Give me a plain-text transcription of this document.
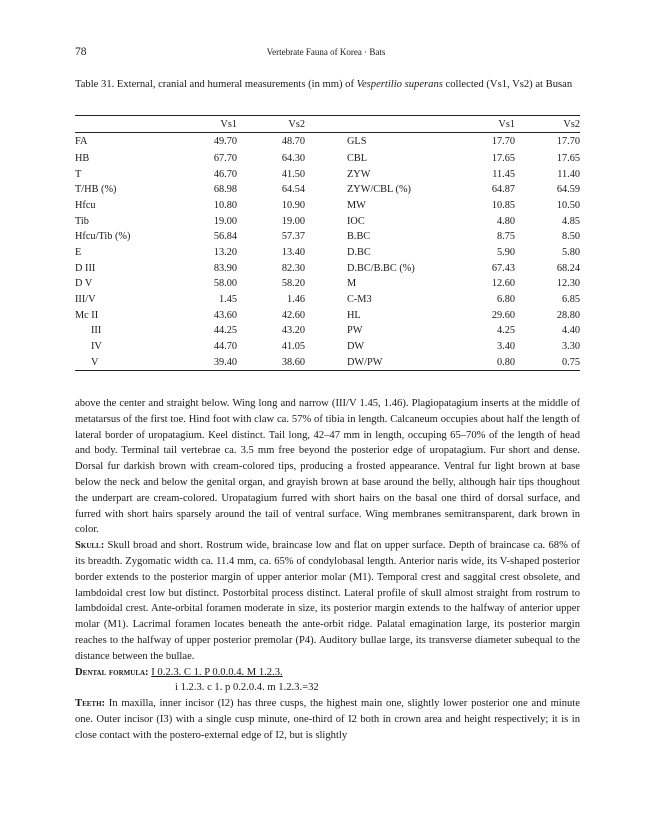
78	Vertebrate Fauna of Korea · Bats
Table 31. External, cranial and humeral measurements (in mm) of Vespertilio superans collected (Vs1, Vs2) at Busan
	Vs1	Vs2			Vs1	Vs2
FA	49.70	48.70		GLS	17.70	17.70
HB	67.70	64.30		CBL	17.65	17.65
T	46.70	41.50		ZYW	11.45	11.40
T/HB (%)	68.98	64.54		ZYW/CBL (%)	64.87	64.59
Hfcu	10.80	10.90		MW	10.85	10.50
Tib	19.00	19.00		IOC	4.80	4.85
Hfcu/Tib (%)	56.84	57.37		B.BC	8.75	8.50
E	13.20	13.40		D.BC	5.90	5.80
D III	83.90	82.30		D.BC/B.BC (%)	67.43	68.24
D V	58.00	58.20		M	12.60	12.30
III/V	1.45	1.46		C-M3	6.80	6.85
Mc II	43.60	42.60		HL	29.60	28.80
III	44.25	43.20		PW	4.25	4.40
IV	44.70	41.05		DW	3.40	3.30
V	39.40	38.60		DW/PW	0.80	0.75

above the center and straight below. Wing long and narrow (III/V 1.45, 1.46). Plagiopatagium inserts at the middle of metatarsus of the first toe. Hind foot with claw ca. 57% of tibia in length. Calcaneum occupies about half the length of lateral border of uropatagium. Keel distinct. Tail long, 42–47 mm in length, occuping 65–70% of the length of head and body. Terminal tail vertebrae ca. 3.5 mm free beyond the posterior edge of uropatagium. Fur short and dense. Dorsal fur darkish brown with cream-colored tips, producing a frosted appearance. Ventral fur light brown at base below the neck and below the genital organ, and grayish brown at base around the belly, although hair tips thoughout the underpart are cream-colored. Uropatagium furred with short hairs on the basal one third of dorsal surface, and furred with short hairs sparsely around the tail of ventral surface. Wing membranes semitransparent, dark brown in color.

Skull: Skull broad and short. Rostrum wide, braincase low and flat on upper surface. Depth of braincase ca. 68% of its breadth. Zygomatic width ca. 11.4 mm, ca. 65% of condylobasal length. Anterior naris wide, its V-shaped posterior border extends to the posterior margin of upper anterior molar (M1). Temporal crest and saggital crest obsolete, and lambdoidal crest low but distinct. Postorbital process distinct. Lateral profile of skull almost straight from rostrum to lambdoidal crest. Ante-orbital foramen moderate in size, its posterior margin extends to the halfway of anterior upper molar (M1). Lacrimal foramen locates beneath the ante-orbit ridge. Palatal emagination large, its posterior margin reaches to the halfway of upper posterior premolar (P4). Auditory bullae large, its transverse diameter subequal to the distance between the bullae.

Dental formula: I 0.2.3. C 1. P 0.0.0.4. M 1.2.3.

i 1.2.3. c 1. p 0.2.0.4. m 1.2.3.=32

Teeth: In maxilla, inner incisor (I2) has three cusps, the highest main one, slightly lower posterior one and minute one. Outer incisor (I3) with a single cusp minute, one-third of I2 both in crown area and height respectively; it is in close contact with the postero-external edge of I2, but is slightly
